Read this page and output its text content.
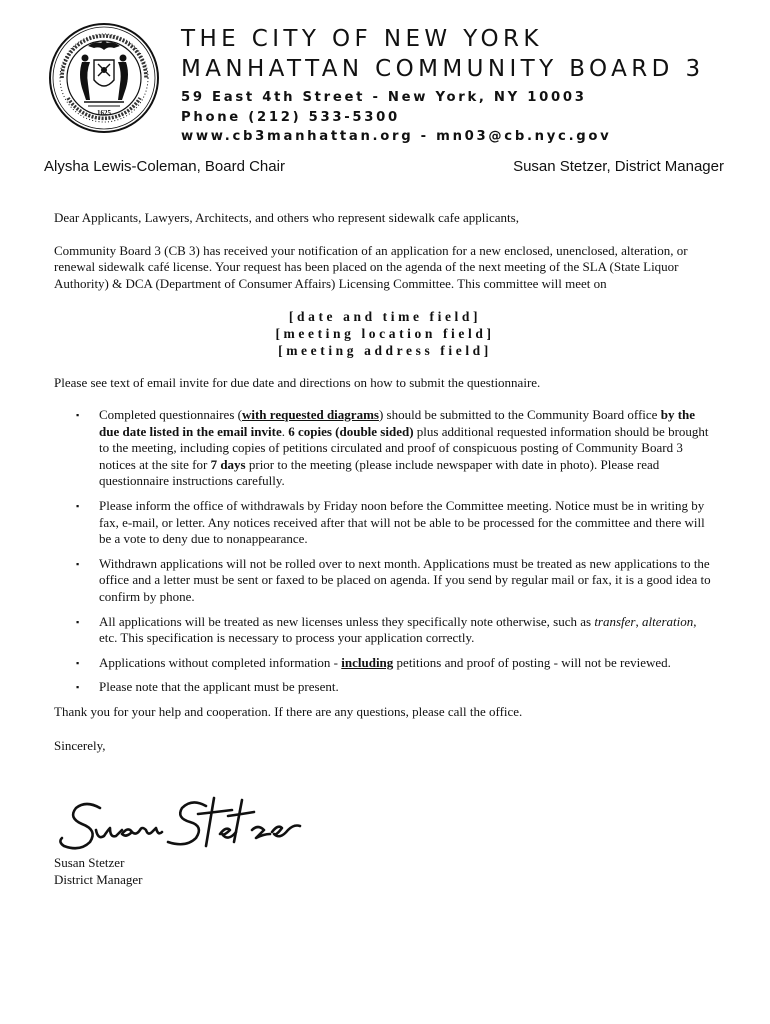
1625
THE CITY OF NEW YORK
MANHATTAN COMMUNITY BOARD 3
59 East 4th Street - New York, NY 10003
Phone (212) 533-5300
www.cb3manhattan.org - mn03@cb.nyc.gov
Alysha Lewis-Coleman, Board Chair	Susan Stetzer, District Manager

Dear Applicants, Lawyers, Architects, and others who represent sidewalk cafe applicants,

Community Board 3 (CB 3) has received your notification of an application for a new enclosed, unenclosed, alteration, or renewal sidewalk café license. Your request has been placed on the agenda of the next meeting of the SLA (State Liquor Authority) & DCA (Department of Consumer Affairs) Licensing Committee. This committee will meet on

[date and time field]
[meeting location field]
[meeting address field]

Please see text of email invite for due date and directions on how to submit the questionnaire.

▪ Completed questionnaires (with requested diagrams) should be submitted to the Community Board office by the due date listed in the email invite. 6 copies (double sided) plus additional requested information should be brought to the meeting, including copies of petitions circulated and proof of conspicuous posting of Community Board 3 notices at the site for 7 days prior to the meeting (please include newspaper with date in photo). Please read questionnaire instructions carefully.
▪ Please inform the office of withdrawals by Friday noon before the Committee meeting. Notice must be in writing by fax, e-mail, or letter. Any notices received after that will not be able to be processed for the committee and there will be a vote to deny due to nonappearance.
▪ Withdrawn applications will not be rolled over to next month. Applications must be treated as new applications to the office and a letter must be sent or faxed to be placed on agenda. If you send by regular mail or fax, it is a good idea to confirm by phone.
▪ All applications will be treated as new licenses unless they specifically note otherwise, such as transfer, alteration, etc. This specification is necessary to process your application correctly.
▪ Applications without completed information - including petitions and proof of posting - will not be reviewed.
▪ Please note that the applicant must be present.

Thank you for your help and cooperation. If there are any questions, please call the office.

Sincerely,

Susan Stetzer
Susan Stetzer
District Manager
